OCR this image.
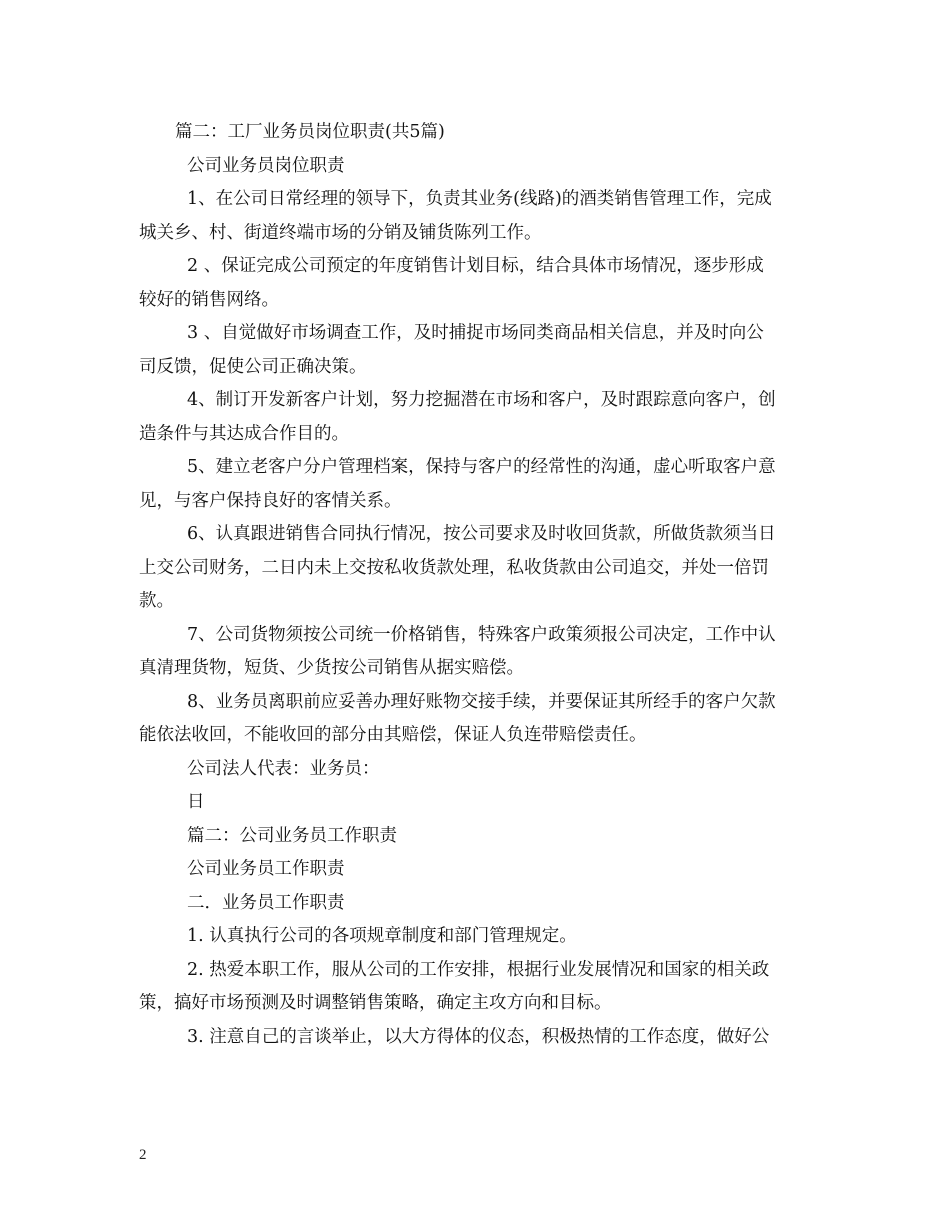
篇二：工厂业务员岗位职责(共5篇)
公司业务员岗位职责
1、在公司日常经理的领导下，负责其业务(线路)的酒类销售管理工作，完成
城关乡、村、街道终端市场的分销及铺货陈列工作。
2 、保证完成公司预定的年度销售计划目标，结合具体市场情况，逐步形成
较好的销售网络。
3 、自觉做好市场调查工作，及时捕捉市场同类商品相关信息，并及时向公
司反馈，促使公司正确决策。
4、制订开发新客户计划，努力挖掘潜在市场和客户，及时跟踪意向客户，创
造条件与其达成合作目的。
5、建立老客户分户管理档案，保持与客户的经常性的沟通，虚心听取客户意
见，与客户保持良好的客情关系。
6、认真跟进销售合同执行情况，按公司要求及时收回货款，所做货款须当日
上交公司财务，二日内未上交按私收货款处理，私收货款由公司追交，并处一倍罚
款。
7、公司货物须按公司统一价格销售，特殊客户政策须报公司决定，工作中认
真清理货物，短货、少货按公司销售从据实赔偿。
8、业务员离职前应妥善办理好账物交接手续，并要保证其所经手的客户欠款
能依法收回，不能收回的部分由其赔偿，保证人负连带赔偿责任。
公司法人代表：业务员：
日
篇二：公司业务员工作职责
公司业务员工作职责
二．业务员工作职责
1. 认真执行公司的各项规章制度和部门管理规定。
2. 热爱本职工作，服从公司的工作安排，根据行业发展情况和国家的相关政
策，搞好市场预测及时调整销售策略，确定主攻方向和目标。
3. 注意自己的言谈举止，以大方得体的仪态，积极热情的工作态度，做好公
2
